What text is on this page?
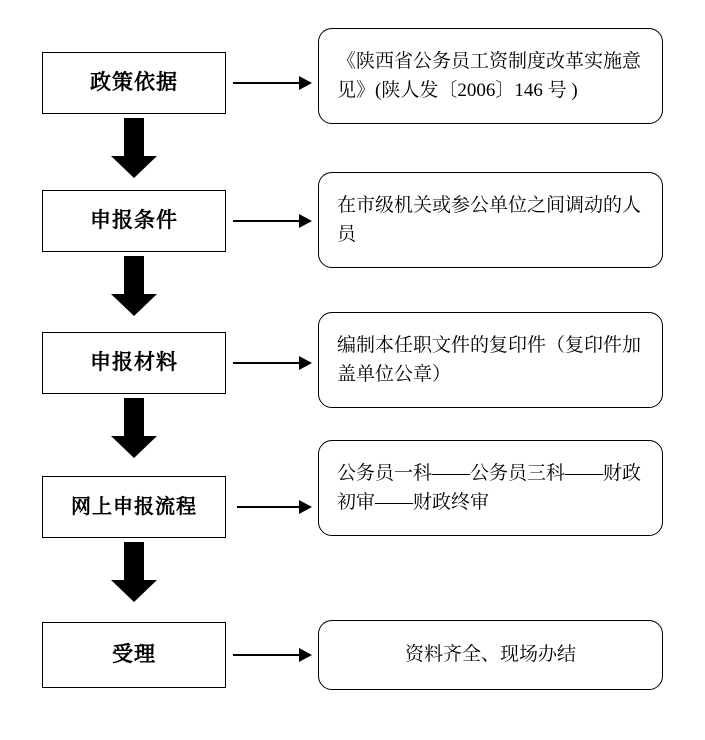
政策依据
《陕西省公务员工资制度改革实施意见》(陕人发〔2006〕146 号 )
申报条件
在市级机关或参公单位之间调动的人员
申报材料
编制本任职文件的复印件（复印件加盖单位公章）
网上申报流程
公务员一科——公务员三科——财政初审——财政终审
受理	资料齐全、现场办结
